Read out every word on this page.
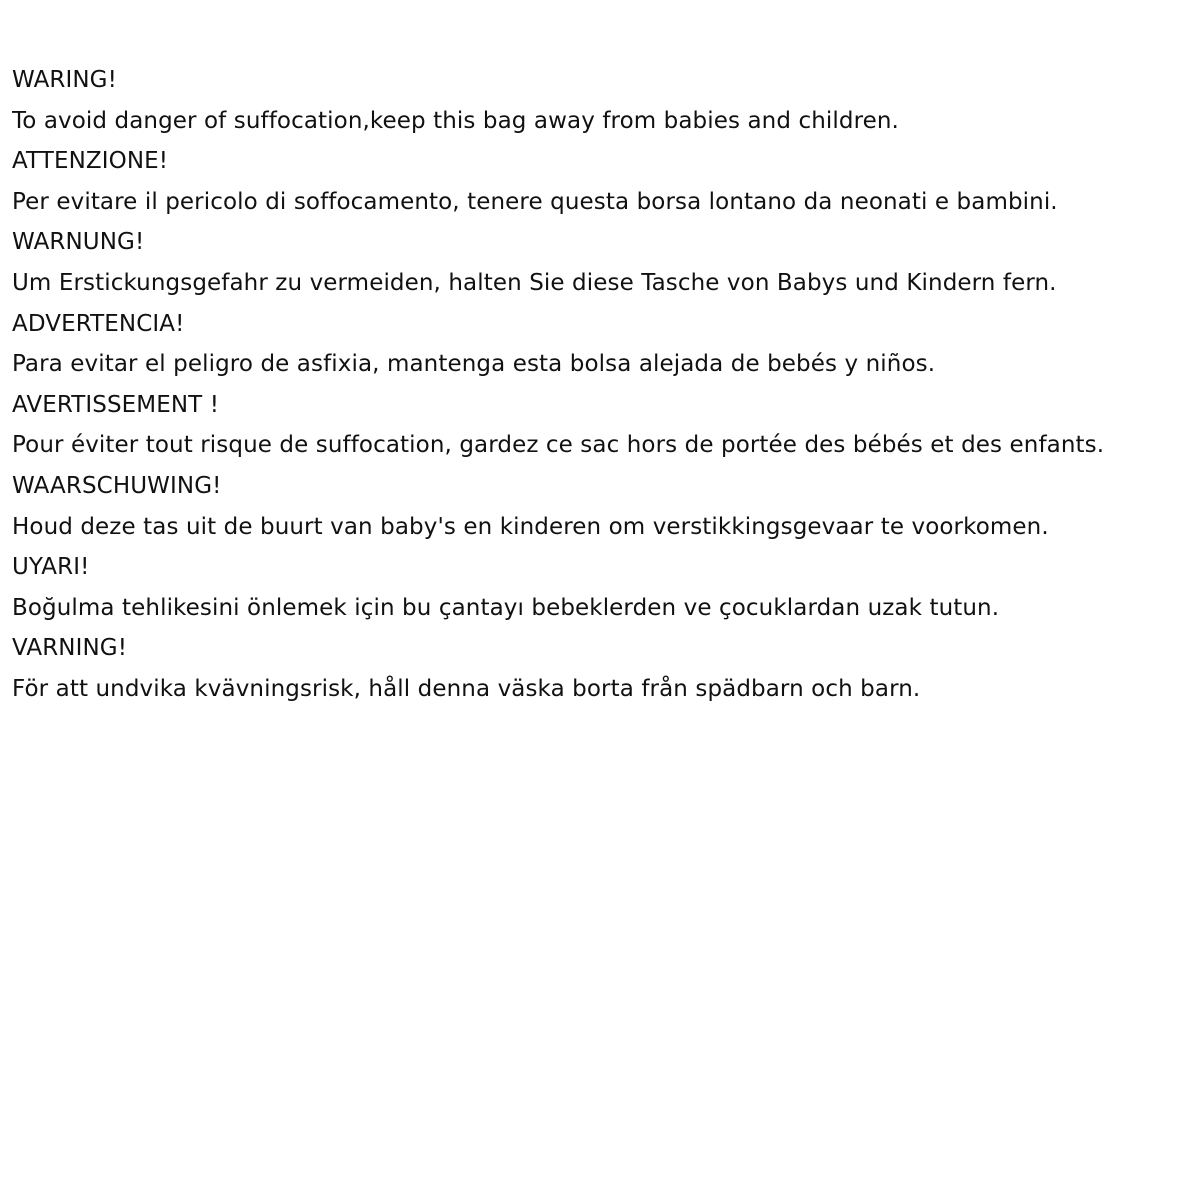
WARING!
To avoid danger of suffocation,keep this bag away from babies and children.
ATTENZIONE!
Per evitare il pericolo di soffocamento, tenere questa borsa lontano da neonati e bambini.
WARNUNG!
Um Erstickungsgefahr zu vermeiden, halten Sie diese Tasche von Babys und Kindern fern.
ADVERTENCIA!
Para evitar el peligro de asfixia, mantenga esta bolsa alejada de bebés y niños.
AVERTISSEMENT !
Pour éviter tout risque de suffocation, gardez ce sac hors de portée des bébés et des enfants.
WAARSCHUWING!
Houd deze tas uit de buurt van baby's en kinderen om verstikkingsgevaar te voorkomen.
UYARI!
Boğulma tehlikesini önlemek için bu çantayı bebeklerden ve çocuklardan uzak tutun.
VARNING!
För att undvika kvävningsrisk, håll denna väska borta från spädbarn och barn.
